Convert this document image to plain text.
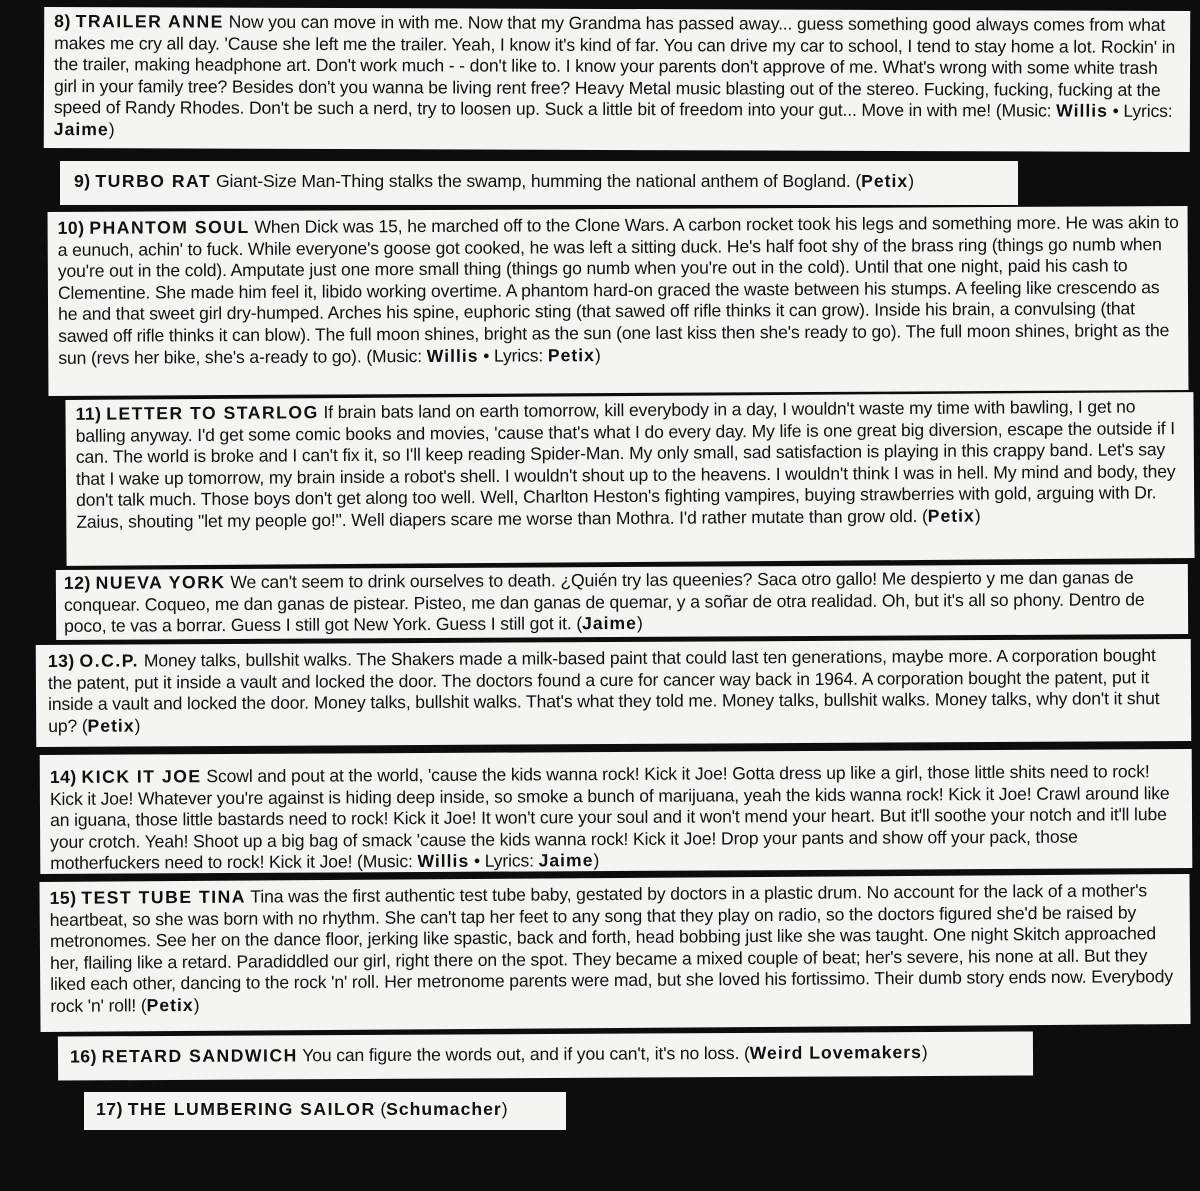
8) TRAILER ANNE Now you can move in with me. Now that my Grandma has passed away... guess something good always comes from what makes me cry all day. 'Cause she left me the trailer. Yeah, I know it's kind of far. You can drive my car to school, I tend to stay home a lot. Rockin' in the trailer, making headphone art. Don't work much - - don't like to. I know your parents don't approve of me. What's wrong with some white trash girl in your family tree? Besides don't you wanna be living rent free? Heavy Metal music blasting out of the stereo. Fucking, fucking, fucking at the speed of Randy Rhodes. Don't be such a nerd, try to loosen up. Suck a little bit of freedom into your gut... Move in with me! (Music: Willis • Lyrics: Jaime)
9) TURBO RAT Giant-Size Man-Thing stalks the swamp, humming the national anthem of Bogland. (Petix)
10) PHANTOM SOUL When Dick was 15, he marched off to the Clone Wars. A carbon rocket took his legs and something more. He was akin to a eunuch, achin' to fuck. While everyone's goose got cooked, he was left a sitting duck. He's half foot shy of the brass ring (things go numb when you're out in the cold). Amputate just one more small thing (things go numb when you're out in the cold). Until that one night, paid his cash to Clementine. She made him feel it, libido working overtime. A phantom hard-on graced the waste between his stumps. A feeling like crescendo as he and that sweet girl dry-humped. Arches his spine, euphoric sting (that sawed off rifle thinks it can grow). Inside his brain, a convulsing (that sawed off rifle thinks it can blow). The full moon shines, bright as the sun (one last kiss then she's ready to go). The full moon shines, bright as the sun (revs her bike, she's a-ready to go). (Music: Willis • Lyrics: Petix)
11) LETTER TO STARLOG If brain bats land on earth tomorrow, kill everybody in a day, I wouldn't waste my time with bawling, I get no balling anyway. I'd get some comic books and movies, 'cause that's what I do every day. My life is one great big diversion, escape the outside if I can. The world is broke and I can't fix it, so I'll keep reading Spider-Man. My only small, sad satisfaction is playing in this crappy band. Let's say that I wake up tomorrow, my brain inside a robot's shell. I wouldn't shout up to the heavens. I wouldn't think I was in hell. My mind and body, they don't talk much. Those boys don't get along too well. Well, Charlton Heston's fighting vampires, buying strawberries with gold, arguing with Dr. Zaius, shouting "let my people go!". Well diapers scare me worse than Mothra. I'd rather mutate than grow old. (Petix)
12) NUEVA YORK We can't seem to drink ourselves to death. ¿Quién try las queenies? Saca otro gallo! Me despierto y me dan ganas de conquear. Coqueo, me dan ganas de pistear. Pisteo, me dan ganas de quemar, y a soñar de otra realidad. Oh, but it's all so phony. Dentro de poco, te vas a borrar. Guess I still got New York. Guess I still got it. (Jaime)
13) O.C.P. Money talks, bullshit walks. The Shakers made a milk-based paint that could last ten generations, maybe more. A corporation bought the patent, put it inside a vault and locked the door. The doctors found a cure for cancer way back in 1964. A corporation bought the patent, put it inside a vault and locked the door. Money talks, bullshit walks. That's what they told me. Money talks, bullshit walks. Money talks, why don't it shut up? (Petix)
14) KICK IT JOE Scowl and pout at the world, 'cause the kids wanna rock! Kick it Joe! Gotta dress up like a girl, those little shits need to rock! Kick it Joe! Whatever you're against is hiding deep inside, so smoke a bunch of marijuana, yeah the kids wanna rock! Kick it Joe! Crawl around like an iguana, those little bastards need to rock! Kick it Joe! It won't cure your soul and it won't mend your heart. But it'll soothe your notch and it'll lube your crotch. Yeah! Shoot up a big bag of smack 'cause the kids wanna rock! Kick it Joe! Drop your pants and show off your pack, those motherfuckers need to rock! Kick it Joe! (Music: Willis • Lyrics: Jaime)
15) TEST TUBE TINA Tina was the first authentic test tube baby, gestated by doctors in a plastic drum. No account for the lack of a mother's heartbeat, so she was born with no rhythm. She can't tap her feet to any song that they play on radio, so the doctors figured she'd be raised by metronomes. See her on the dance floor, jerking like spastic, back and forth, head bobbing just like she was taught. One night Skitch approached her, flailing like a retard. Paradiddled our girl, right there on the spot. They became a mixed couple of beat; her's severe, his none at all. But they liked each other, dancing to the rock 'n' roll. Her metronome parents were mad, but she loved his fortissimo. Their dumb story ends now. Everybody rock 'n' roll! (Petix)
16) RETARD SANDWICH You can figure the words out, and if you can't, it's no loss. (Weird Lovemakers)
17) THE LUMBERING SAILOR (Schumacher)
